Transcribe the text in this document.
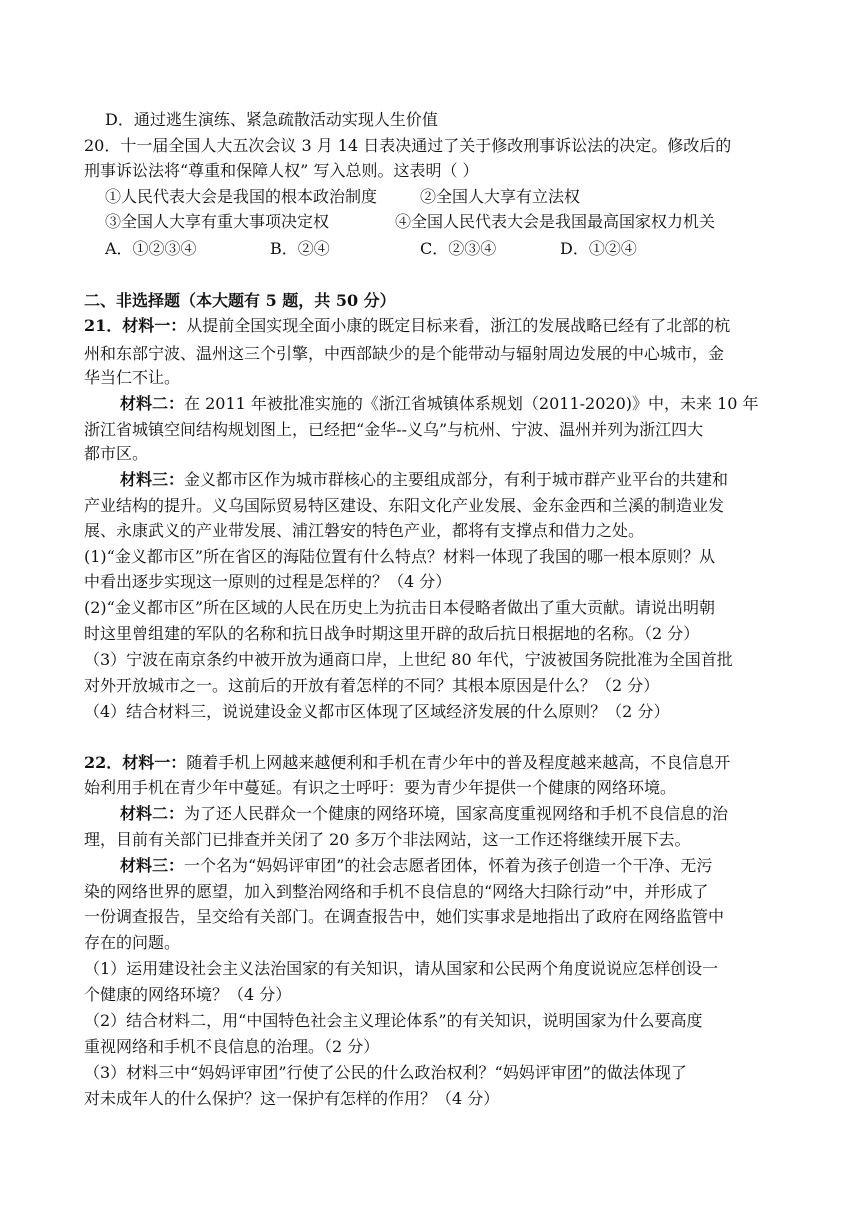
D．通过逃生演练、紧急疏散活动实现人生价值
20．十一届全国人大五次会议 3 月 14 日表决通过了关于修改刑事诉讼法的决定。修改后的
刑事诉讼法将“尊重和保障人权” 写入总则。这表明（ ）
①人民代表大会是我国的根本政治制度	②全国人大享有立法权
③全国人大享有重大事项决定权	④全国人民代表大会是我国最高国家权力机关
A．①②③④	B．②④	C．②③④	D．①②④
二、非选择题（本大题有 5 题，共 50 分）
21．材料一：从提前全国实现全面小康的既定目标来看，浙江的发展战略已经有了北部的杭
州和东部宁波、温州这三个引擎，中西部缺少的是个能带动与辐射周边发展的中心城市，金
华当仁不让。
材料二：在 2011 年被批准实施的《浙江省城镇体系规划（2011-2020)》中，未来 10 年
浙江省城镇空间结构规划图上，已经把“金华--义乌”与杭州、宁波、温州并列为浙江四大
都市区。
材料三：金义都市区作为城市群核心的主要组成部分，有利于城市群产业平台的共建和
产业结构的提升。义乌国际贸易特区建设、东阳文化产业发展、金东金西和兰溪的制造业发
展、永康武义的产业带发展、浦江磐安的特色产业，都将有支撑点和借力之处。
(1)“金义都市区”所在省区的海陆位置有什么特点？材料一体现了我国的哪一根本原则？从
中看出逐步实现这一原则的过程是怎样的？（4 分）
(2)“金义都市区”所在区域的人民在历史上为抗击日本侵略者做出了重大贡献。请说出明朝
时这里曾组建的军队的名称和抗日战争时期这里开辟的敌后抗日根据地的名称。（2 分）
（3）宁波在南京条约中被开放为通商口岸，上世纪 80 年代，宁波被国务院批准为全国首批
对外开放城市之一。这前后的开放有着怎样的不同？其根本原因是什么？（2 分）
（4）结合材料三，说说建设金义都市区体现了区域经济发展的什么原则？（2 分）
22．材料一：随着手机上网越来越便利和手机在青少年中的普及程度越来越高，不良信息开
始利用手机在青少年中蔓延。有识之士呼吁：要为青少年提供一个健康的网络环境。
材料二：为了还人民群众一个健康的网络环境，国家高度重视网络和手机不良信息的治
理，目前有关部门已排查并关闭了 20 多万个非法网站，这一工作还将继续开展下去。
材料三：一个名为“妈妈评审团”的社会志愿者团体，怀着为孩子创造一个干净、无污
染的网络世界的愿望，加入到整治网络和手机不良信息的“网络大扫除行动”中，并形成了
一份调查报告，呈交给有关部门。在调查报告中，她们实事求是地指出了政府在网络监管中
存在的问题。
（1）运用建设社会主义法治国家的有关知识，请从国家和公民两个角度说说应怎样创设一
个健康的网络环境？（4 分）
（2）结合材料二，用“中国特色社会主义理论体系”的有关知识，说明国家为什么要高度
重视网络和手机不良信息的治理。（2 分）
（3）材料三中“妈妈评审团”行使了公民的什么政治权利？“妈妈评审团”的做法体现了
对未成年人的什么保护？这一保护有怎样的作用？（4 分）
